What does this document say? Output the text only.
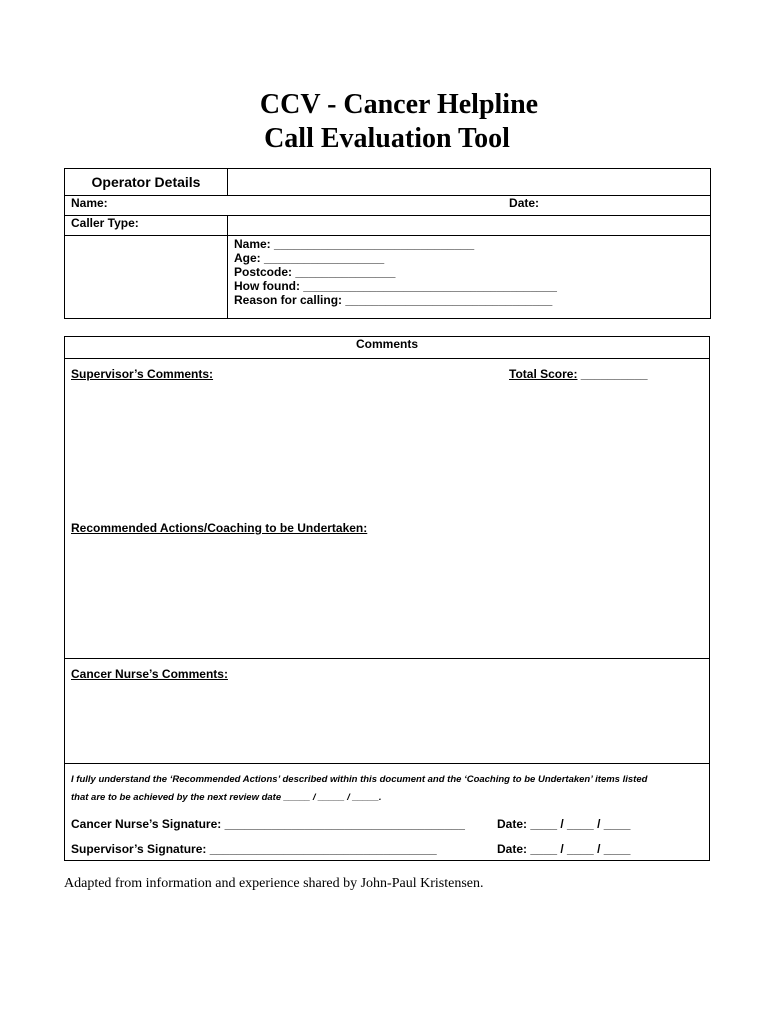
CCV - Cancer Helpline
Call Evaluation Tool
Operator Details	
Name: Date:	
Caller Type:	

	Name: ______________________________
Age: __________________
Postcode: _______________
How found: ______________________________________
Reason for calling: _______________________________
Comments

Supervisor’s Comments:	Total Score: __________
Recommended Actions/Coaching to be Undertaken:

Cancer Nurse’s Comments:

I fully understand the ‘Recommended Actions’ described within this document and the ‘Coaching to be Undertaken’ items listed
that are to be achieved by the next review date _____ / _____ / _____.
Cancer Nurse’s Signature: ____________________________________	Date: ____ / ____ / ____
Supervisor’s Signature: __________________________________	Date: ____ / ____ / ____
Adapted from information and experience shared by John-Paul Kristensen.
